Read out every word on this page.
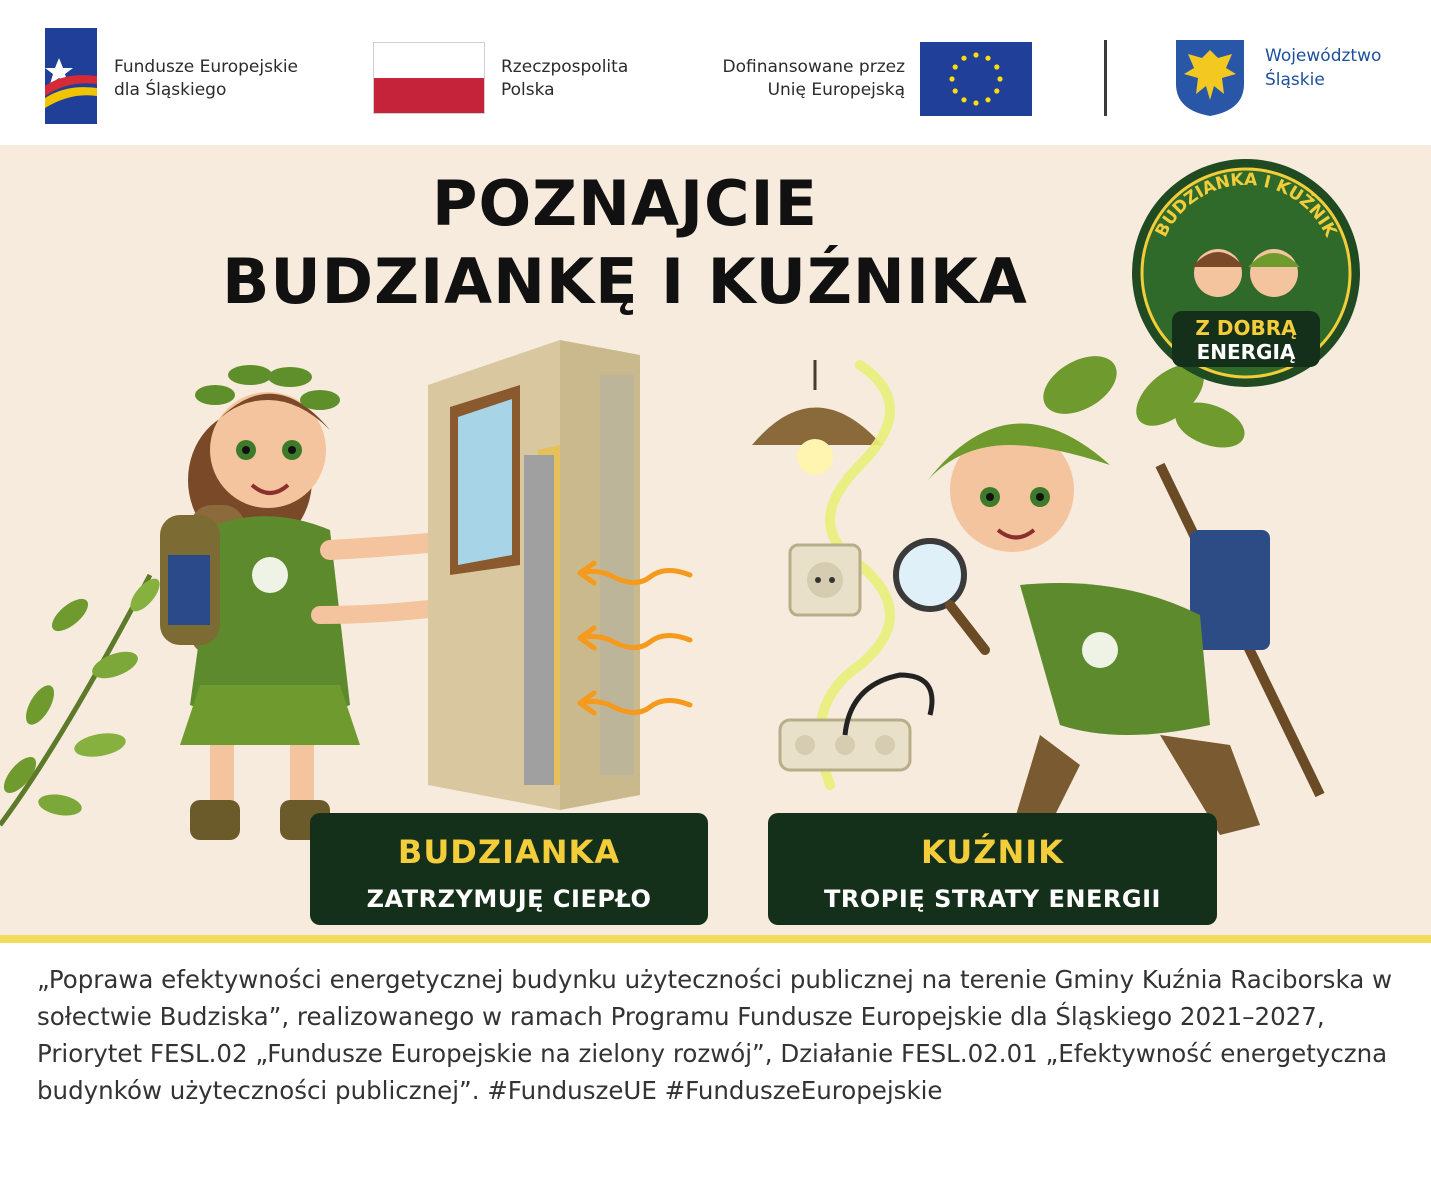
Fundusze Europejskie
dla Śląskiego
Rzeczpospolita
Polska
Dofinansowane przez
Unię Europejską
Województwo
Śląskie
POZNAJCIE
BUDZIANKĘ I KUŹNIKA
BUDZIANKA I KUŹNIK
Z DOBRĄ
ENERGIĄ
BUDZIANKA
ZATRZYMUJĘ CIEPŁO
KUŹNIK
TROPIĘ STRATY ENERGII

„Poprawa efektywności energetycznej budynku użyteczności publicznej na terenie Gminy Kuźnia Raciborska w sołectwie Budziska”, realizowanego w ramach Programu Fundusze Europejskie dla Śląskiego 2021–2027, Priorytet FESL.02 „Fundusze Europejskie na zielony rozwój”, Działanie FESL.02.01 „Efektywność energetyczna budynków użyteczności publicznej”. #FunduszeUE #FunduszeEuropejskie
